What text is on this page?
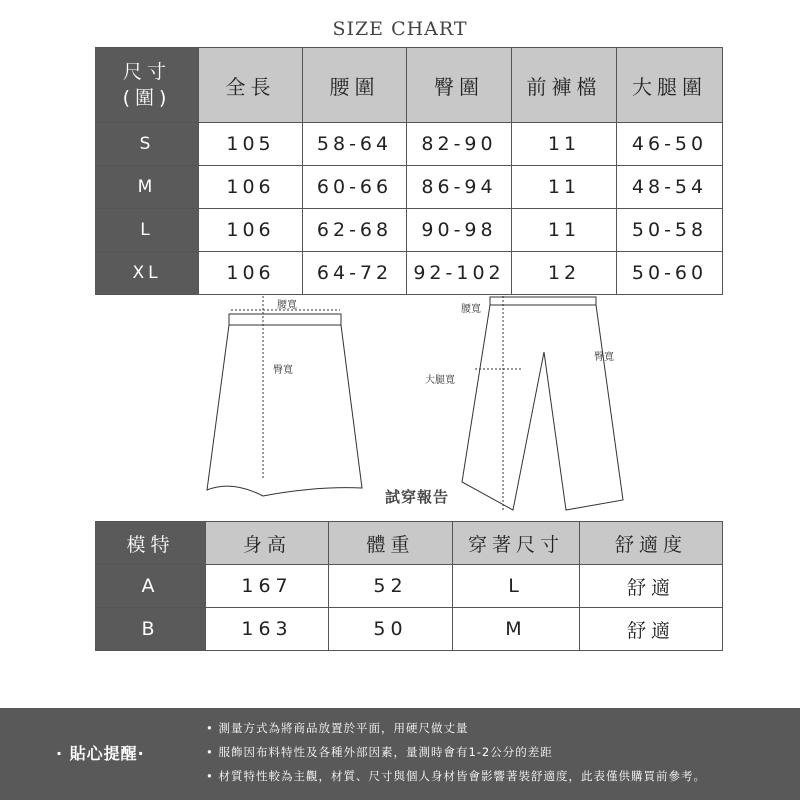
SIZE CHART
尺寸
(圍)	全長	腰圍	臀圍	前褲檔	大腿圍
S	105	58-64	82-90	11	46-50
M	106	60-66	86-94	11	48-54
L	106	62-68	90-98	11	50-58
XL	106	64-72	92-102	12	50-60
腰寬
臀寬
腰寬
臀寬
大腿寬
試穿報告
模特	身高	體重	穿著尺寸	舒適度
A	167	52	L	舒適
B	163	50	M	舒適
· 貼心提醒·
• 測量方式為將商品放置於平面，用硬尺做丈量
• 服飾因布料特性及各種外部因素，量測時會有1-2公分的差距
• 材質特性較為主觀，材質、尺寸與個人身材皆會影響著裝舒適度，此表僅供購買前參考。
